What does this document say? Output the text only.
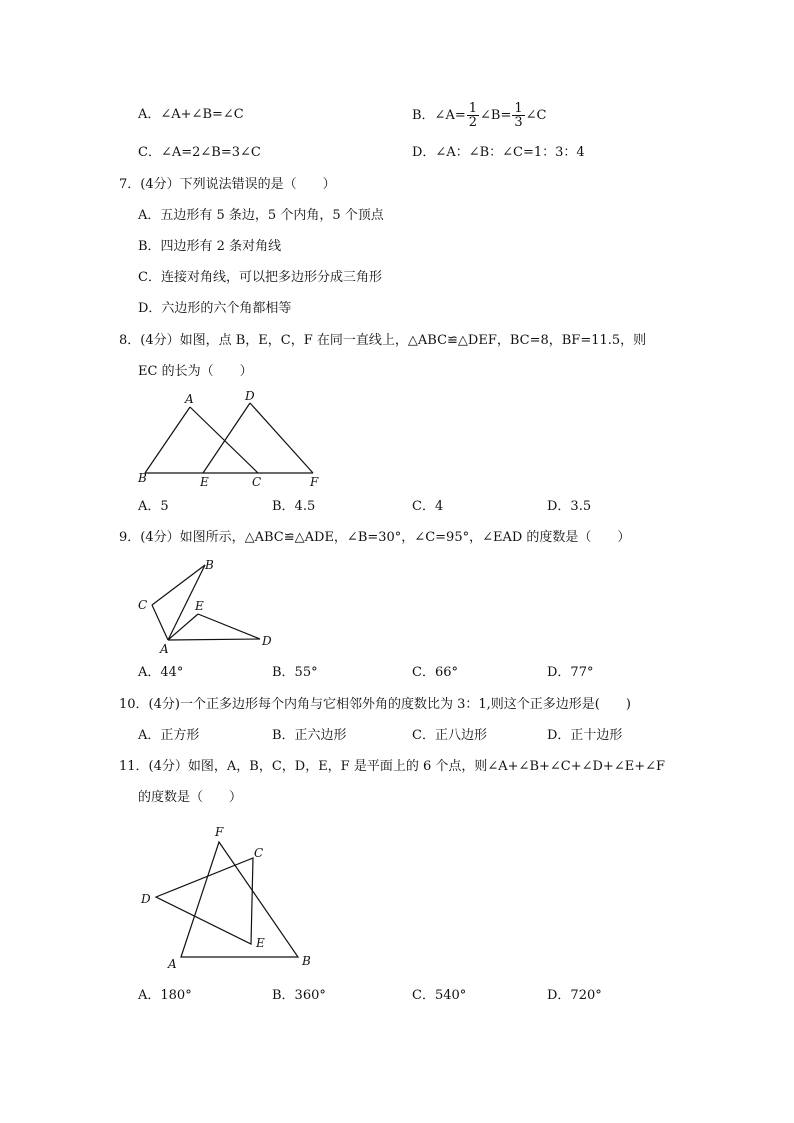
A．∠A+∠B=∠C	B．∠A= $\frac{1}{2}$ ∠B= $\frac{1}{3}$ ∠C
C．∠A=2∠B=3∠C	D．∠A：∠B：∠C=1：3：4
7．(4分）下列说法错误的是（　　）
A．五边形有 5 条边，5 个内角，5 个顶点
B．四边形有 2 条对角线
C．连接对角线，可以把多边形分成三角形
D．六边形的六个角都相等
8．(4分）如图，点 B，E，C，F 在同一直线上，△ABC≌△DEF，BC=8，BF=11.5，则
EC 的长为（　　）
A	D
B	E	C	F
A．5	B．4.5	C．4	D．3.5
9．(4分）如图所示，△ABC≌△ADE，∠B=30°，∠C=95°，∠EAD 的度数是（　　）
B
C	E
A
D
A．44°	B．55°	C．66°	D．77°
10．(4分)一个正多边形每个内角与它相邻外角的度数比为 3：1,则这个正多边形是(　　)
A．正方形	B．正六边形	C．正八边形	D．正十边形
11．(4分）如图，A，B，C，D，E，F 是平面上的 6 个点，则∠A+∠B+∠C+∠D+∠E+∠F
的度数是（　　）
F
C
D
E
A	B
A．180°	B．360°	C．540°	D．720°
